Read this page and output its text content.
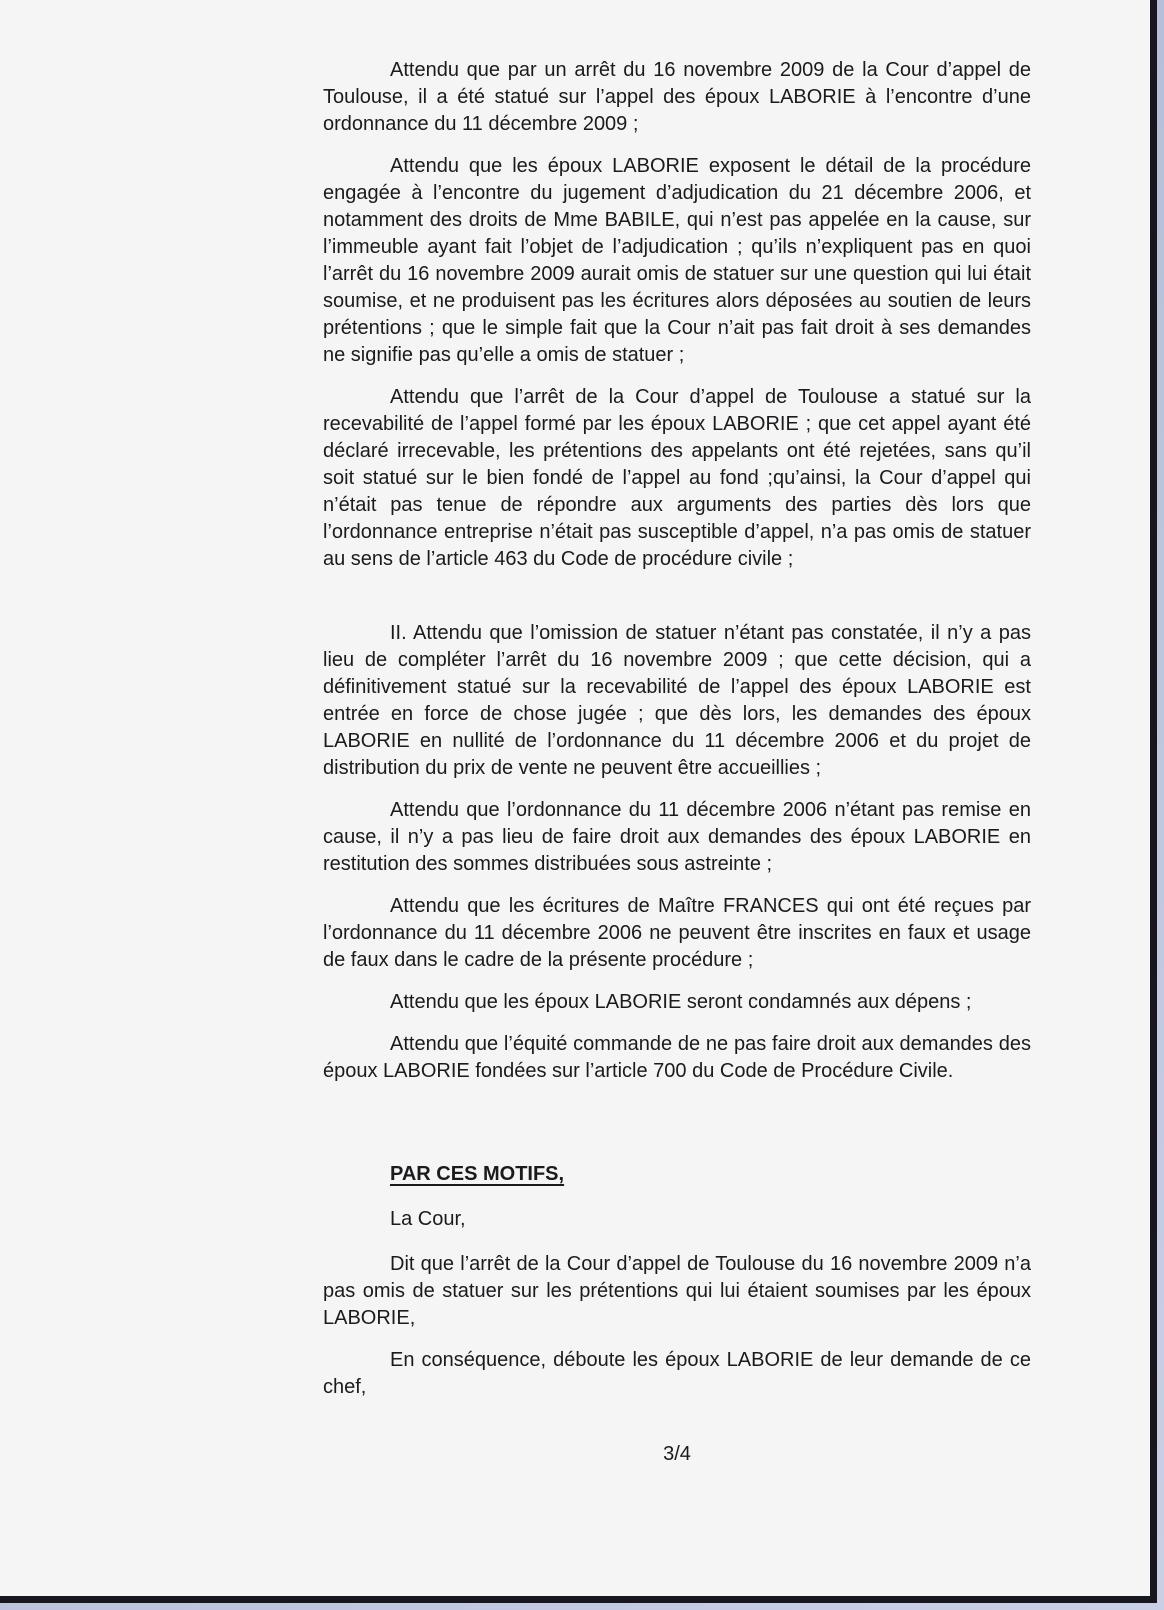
Attendu que par un arrêt du 16 novembre 2009 de la Cour d’appel de Toulouse, il a été statué sur l’appel des époux LABORIE à l’encontre d’une ordonnance du 11 décembre 2009 ;

Attendu que les époux LABORIE exposent le détail de la procédure engagée à l’encontre du jugement d’adjudication du 21 décembre 2006, et notamment des droits de Mme BABILE, qui n’est pas appelée en la cause, sur l’immeuble ayant fait l’objet de l’adjudication ; qu’ils n’expliquent pas en quoi l’arrêt du 16 novembre 2009 aurait omis de statuer sur une question qui lui était soumise, et ne produisent pas les écritures alors déposées au soutien de leurs prétentions ; que le simple fait que la Cour n’ait pas fait droit à ses demandes ne signifie pas qu’elle a omis de statuer ;

Attendu que l’arrêt de la Cour d’appel de Toulouse a statué sur la recevabilité de l’appel formé par les époux LABORIE ; que cet appel ayant été déclaré irrecevable, les prétentions des appelants ont été rejetées, sans qu’il soit statué sur le bien fondé de l’appel au fond ;qu’ainsi, la Cour d’appel qui n’était pas tenue de répondre aux arguments des parties dès lors que l’ordonnance entreprise n’était pas susceptible d’appel, n’a pas omis de statuer au sens de l’article 463 du Code de procédure civile ;

II. Attendu que l’omission de statuer n’étant pas constatée, il n’y a pas lieu de compléter l’arrêt du 16 novembre 2009 ; que cette décision, qui a définitivement statué sur la recevabilité de l’appel des époux LABORIE est entrée en force de chose jugée ; que dès lors, les demandes des époux LABORIE en nullité de l’ordonnance du 11 décembre 2006 et du projet de distribution du prix de vente ne peuvent être accueillies ;

Attendu que l’ordonnance du 11 décembre 2006 n’étant pas remise en cause, il n’y a pas lieu de faire droit aux demandes des époux LABORIE en restitution des sommes distribuées sous astreinte ;

Attendu que les écritures de Maître FRANCES qui ont été reçues par l’ordonnance du 11 décembre 2006 ne peuvent être inscrites en faux et usage de faux dans le cadre de la présente procédure ;

Attendu que les époux LABORIE seront condamnés aux dépens ;

Attendu que l’équité commande de ne pas faire droit aux demandes des époux LABORIE fondées sur l’article 700 du Code de Procédure Civile.

PAR CES MOTIFS,

La Cour,

Dit que l’arrêt de la Cour d’appel de Toulouse du 16 novembre 2009 n’a pas omis de statuer sur les prétentions qui lui étaient soumises par les époux LABORIE,

En conséquence, déboute les époux LABORIE de leur demande de ce chef,

3/4
